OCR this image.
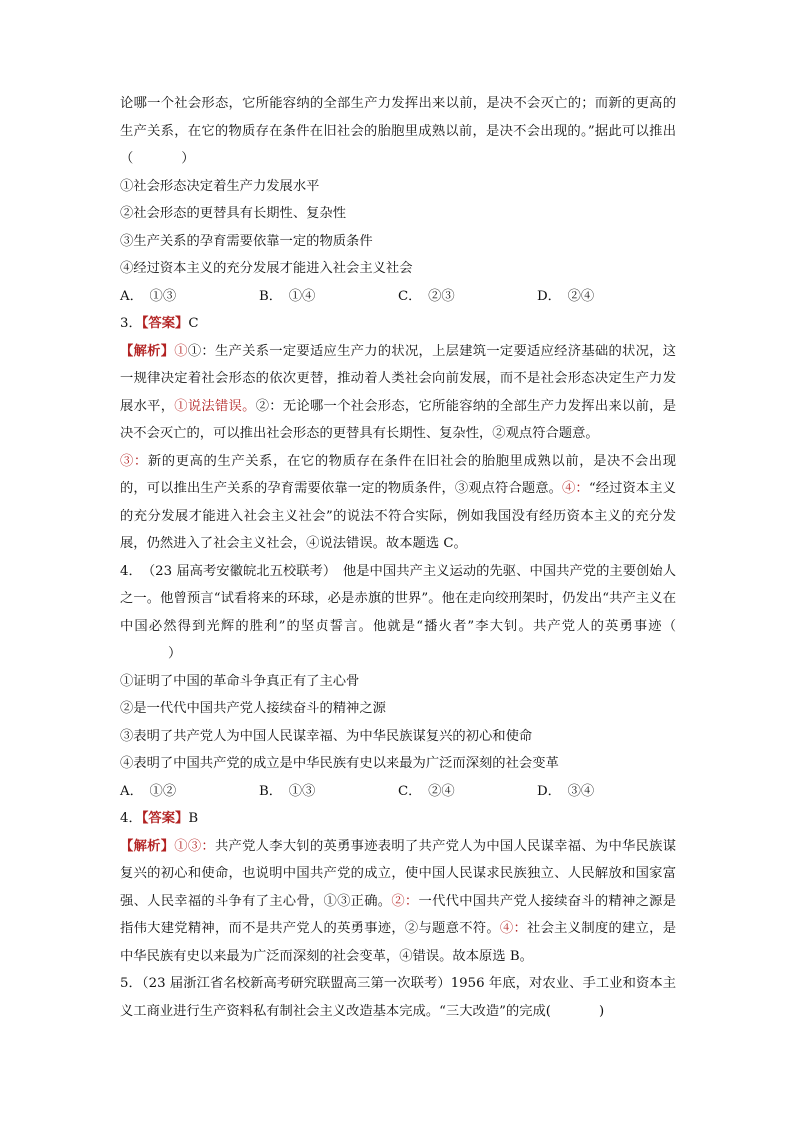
论哪一个社会形态，它所能容纳的全部生产力发挥出来以前，是决不会灭亡的；而新的更高的生产关系，在它的物质存在条件在旧社会的胎胞里成熟以前，是决不会出现的。”据此可以推出（	）

①社会形态决定着生产力发展水平

②社会形态的更替具有长期性、复杂性

③生产关系的孕育需要依靠一定的物质条件

④经过资本主义的充分发展才能进入社会主义社会

A．　①③	B．　①④	C．　②③	D．　②④

3．【答案】C

【解析】①①：生产关系一定要适应生产力的状况，上层建筑一定要适应经济基础的状况，这一规律决定着社会形态的依次更替，推动着人类社会向前发展，而不是社会形态决定生产力发展水平，①说法错误。②：无论哪一个社会形态，它所能容纳的全部生产力发挥出来以前，是决不会灭亡的，可以推出社会形态的更替具有长期性、复杂性，②观点符合题意。

③：新的更高的生产关系，在它的物质存在条件在旧社会的胎胞里成熟以前，是决不会出现的，可以推出生产关系的孕育需要依靠一定的物质条件，③观点符合题意。④：“经过资本主义的充分发展才能进入社会主义社会”的说法不符合实际，例如我国没有经历资本主义的充分发展，仍然进入了社会主义社会，④说法错误。故本题选 C。

4．　（23 届高考安徽皖北五校联考）　他是中国共产主义运动的先驱、中国共产党的主要创始人之一。他曾预言“试看将来的环球，必是赤旗的世界”。他在走向绞刑架时，仍发出“共产主义在中国必然得到光辉的胜利”的坚贞誓言。他就是“播火者”李大钊。共产党人的英勇事迹（）

①证明了中国的革命斗争真正有了主心骨

②是一代代中国共产党人接续奋斗的精神之源

③表明了共产党人为中国人民谋幸福、为中华民族谋复兴的初心和使命

④表明了中国共产党的成立是中华民族有史以来最为广泛而深刻的社会变革

A．　①②	B．　①③	C．　②④	D．　③④

4．【答案】B

【解析】①③：共产党人李大钊的英勇事迹表明了共产党人为中国人民谋幸福、为中华民族谋复兴的初心和使命，也说明中国共产党的成立，使中国人民谋求民族独立、人民解放和国家富强、人民幸福的斗争有了主心骨，①③正确。②：一代代中国共产党人接续奋斗的精神之源是指伟大建党精神，而不是共产党人的英勇事迹，②与题意不符。④：社会主义制度的建立，是中华民族有史以来最为广泛而深刻的社会变革，④错误。故本原选 B。

5．（23 届浙江省名校新高考研究联盟高三第一次联考）1956 年底，对农业、手工业和资本主义工商业进行生产资料私有制社会主义改造基本完成。“三大改造”的完成(	)
